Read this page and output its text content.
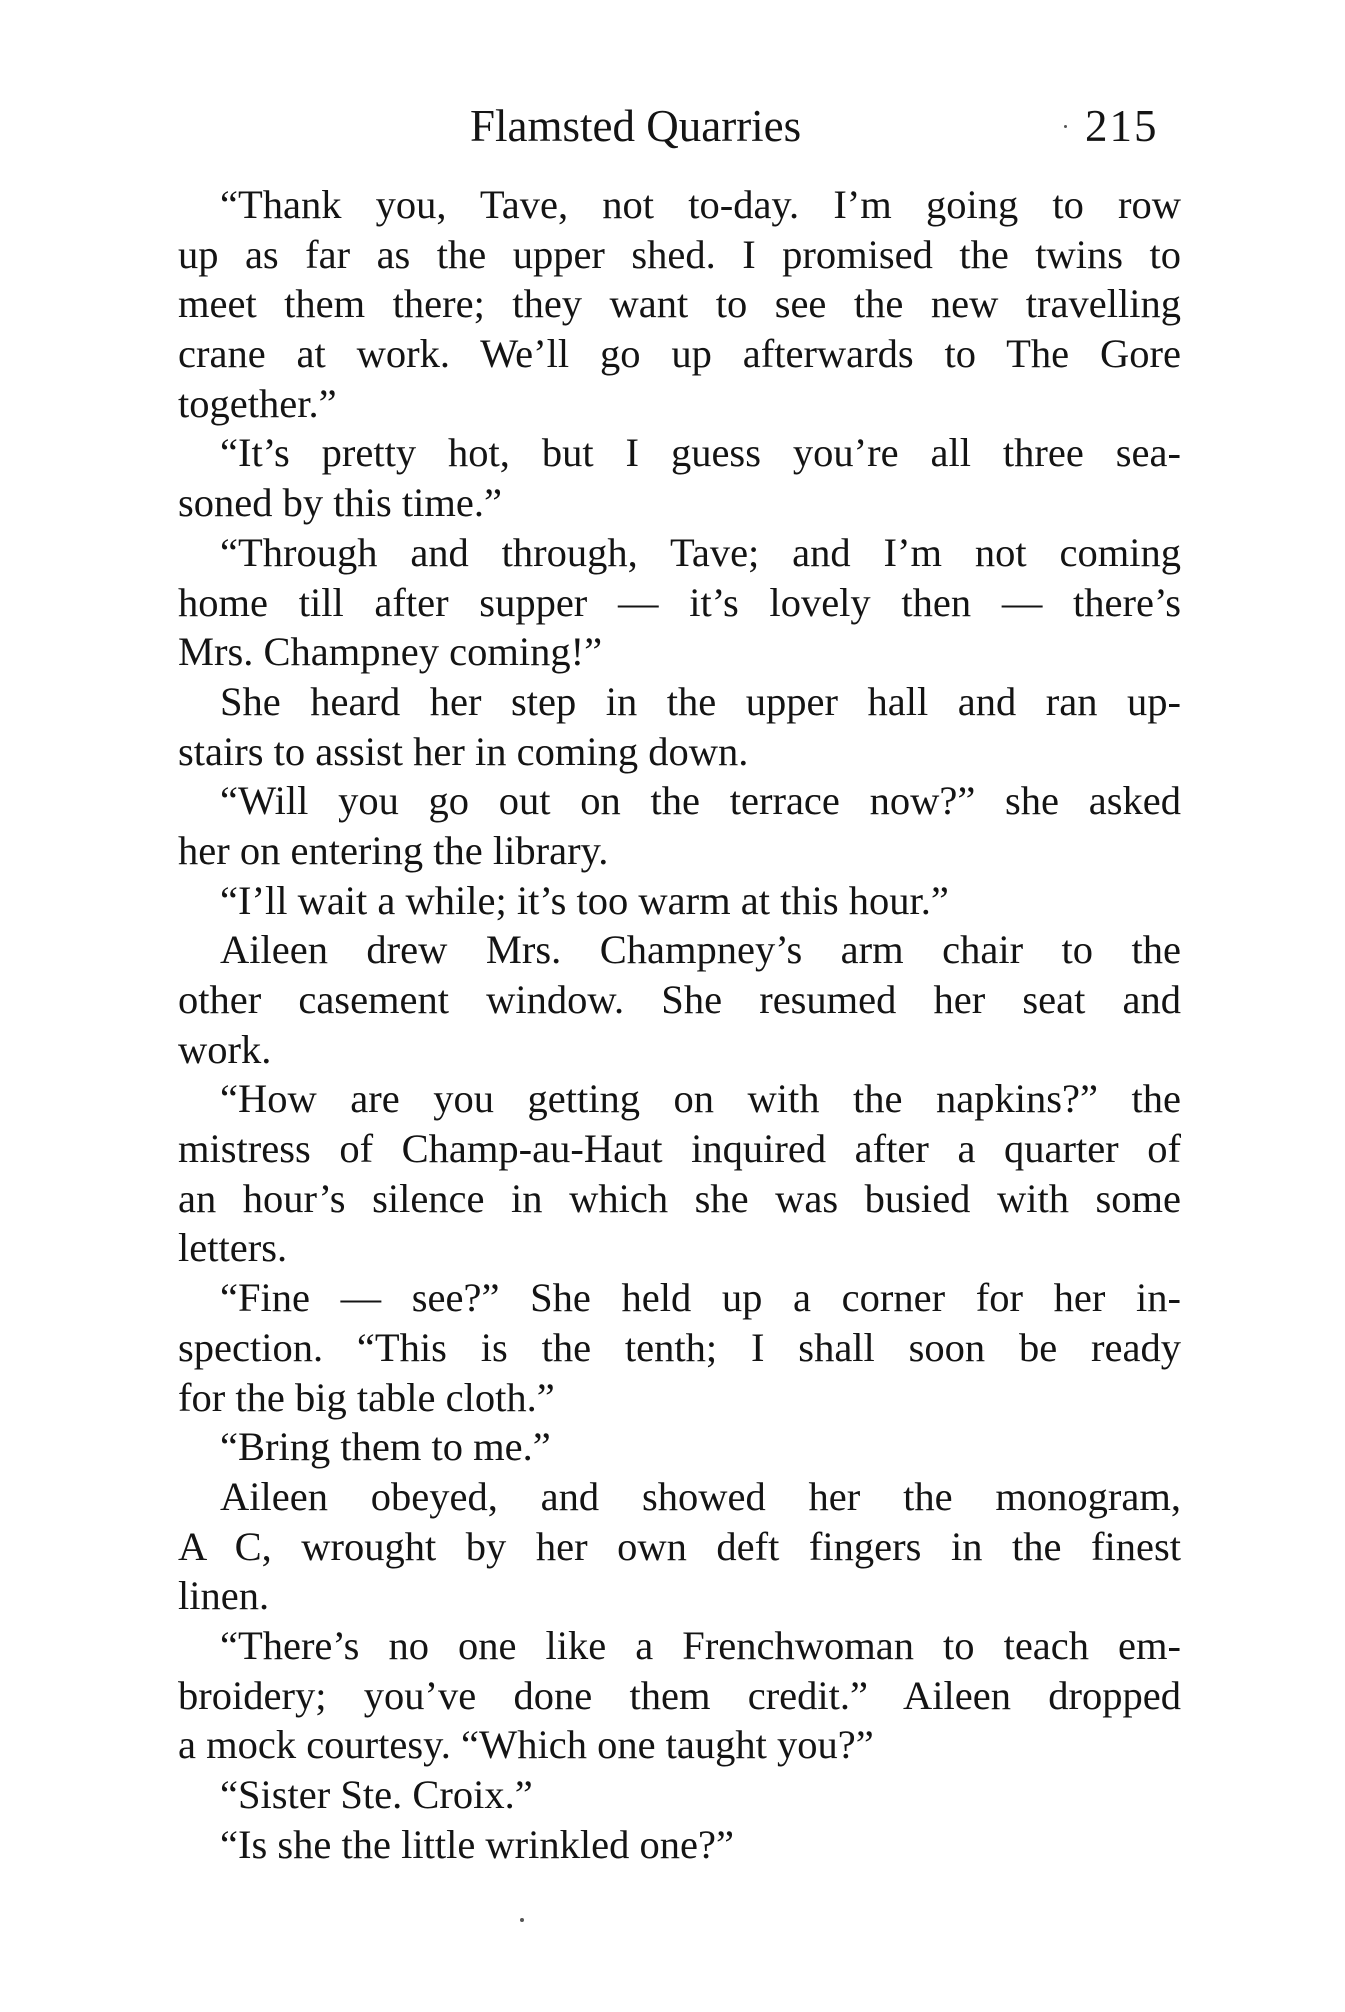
Flamsted Quarries	215
“Thank you, Tave, not to-day. I’m going to row
up as far as the upper shed. I promised the twins to
meet them there; they want to see the new travelling
crane at work. We’ll go up afterwards to The Gore
together.”
“It’s pretty hot, but I guess you’re all three sea-
soned by this time.”
“Through and through, Tave; and I’m not coming
home till after supper — it’s lovely then — there’s
Mrs. Champney coming!”
She heard her step in the upper hall and ran up-
stairs to assist her in coming down.
“Will you go out on the terrace now?” she asked
her on entering the library.
“I’ll wait a while; it’s too warm at this hour.”
Aileen drew Mrs. Champney’s arm chair to the
other casement window. She resumed her seat and
work.
“How are you getting on with the napkins?” the
mistress of Champ-au-Haut inquired after a quarter of
an hour’s silence in which she was busied with some
letters.
“Fine — see?” She held up a corner for her in-
spection. “This is the tenth; I shall soon be ready
for the big table cloth.”
“Bring them to me.”
Aileen obeyed, and showed her the monogram,
A C, wrought by her own deft fingers in the finest
linen.
“There’s no one like a Frenchwoman to teach em-
broidery; you’ve done them credit.” Aileen dropped
a mock courtesy. “Which one taught you?”
“Sister Ste. Croix.”
“Is she the little wrinkled one?”
